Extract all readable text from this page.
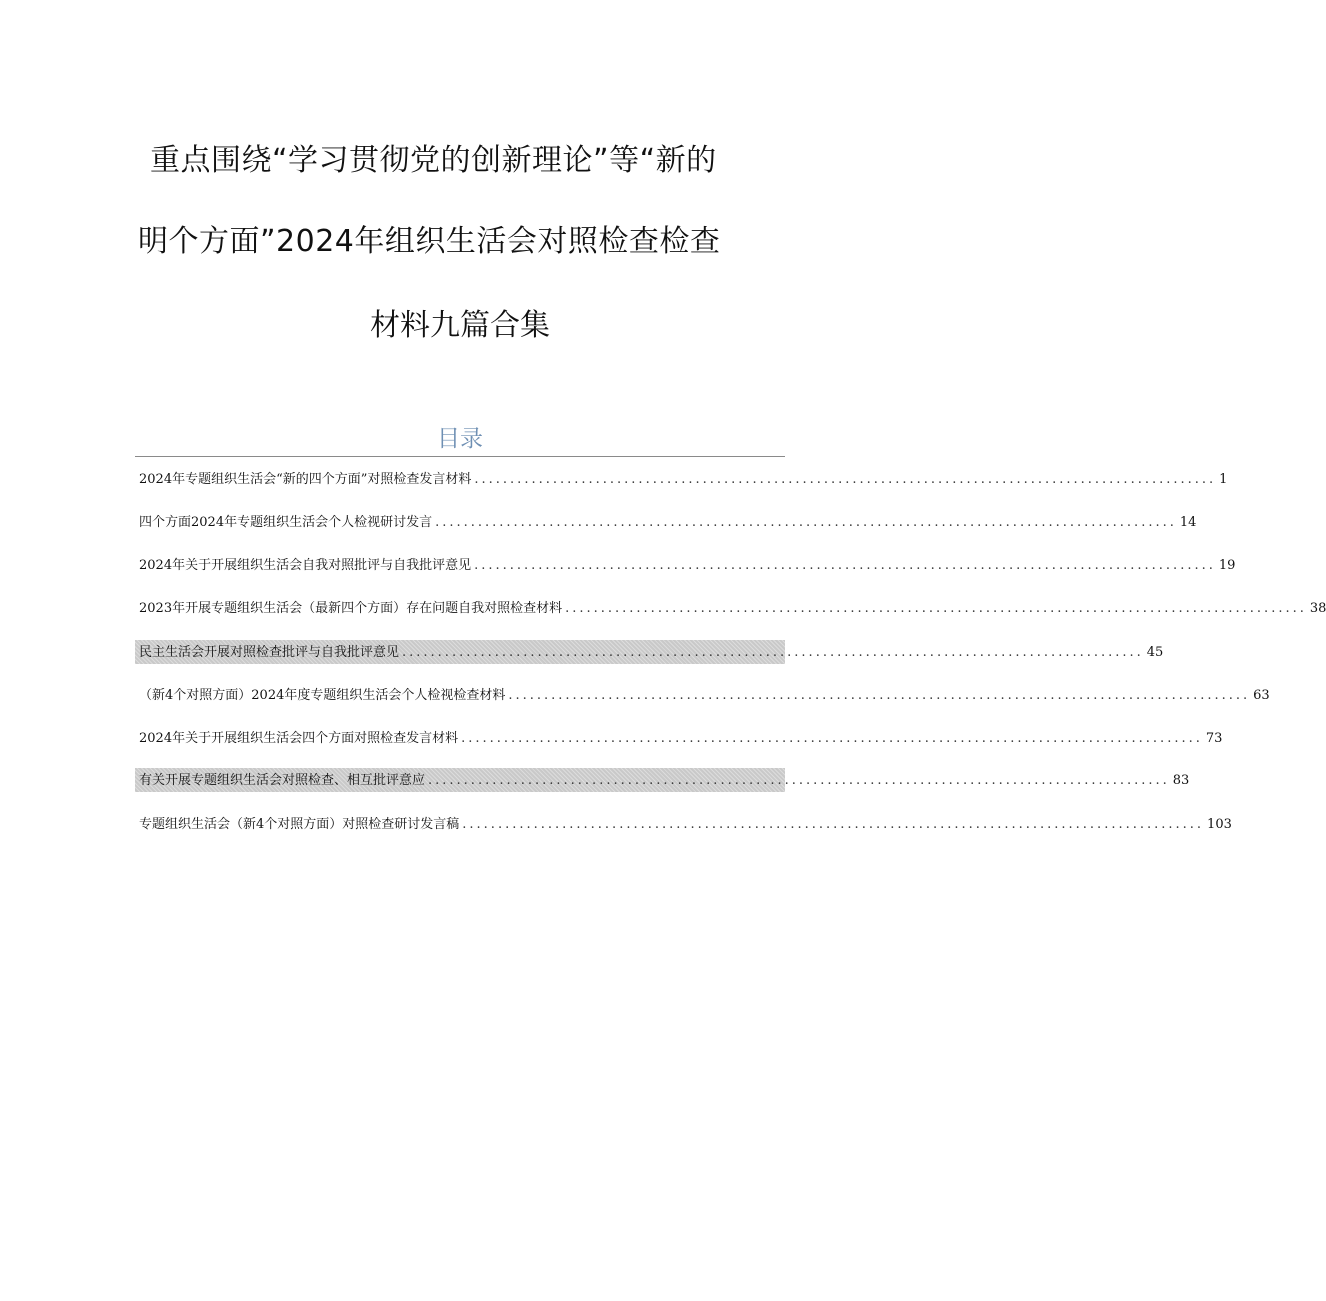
重点围绕“学习贯彻党的创新理论”等“新的
明个方面”2024年组织生活会对照检查检查
材料九篇合集
目录
2024年专题组织生活会“新的四个方面”对照检查发言材料 ........................................................................................................ 1
四个方面2024年专题组织生活会个人检视研讨发言 ........................................................................................................ 14
2024年关于开展组织生活会自我对照批评与自我批评意见 ........................................................................................................ 19
2023年开展专题组织生活会（最新四个方面）存在问题自我对照检查材料 ........................................................................................................ 38
民主生活会开展对照检查批评与自我批评意见 ........................................................................................................ 45
（新4个对照方面）2024年度专题组织生活会个人检视检查材料 ........................................................................................................ 63
2024年关于开展组织生活会四个方面对照检查发言材料 ........................................................................................................ 73
有关开展专题组织生活会对照检查、相互批评意应 ........................................................................................................ 83
专题组织生活会（新4个对照方面）对照检查研讨发言稿 ........................................................................................................ 103
